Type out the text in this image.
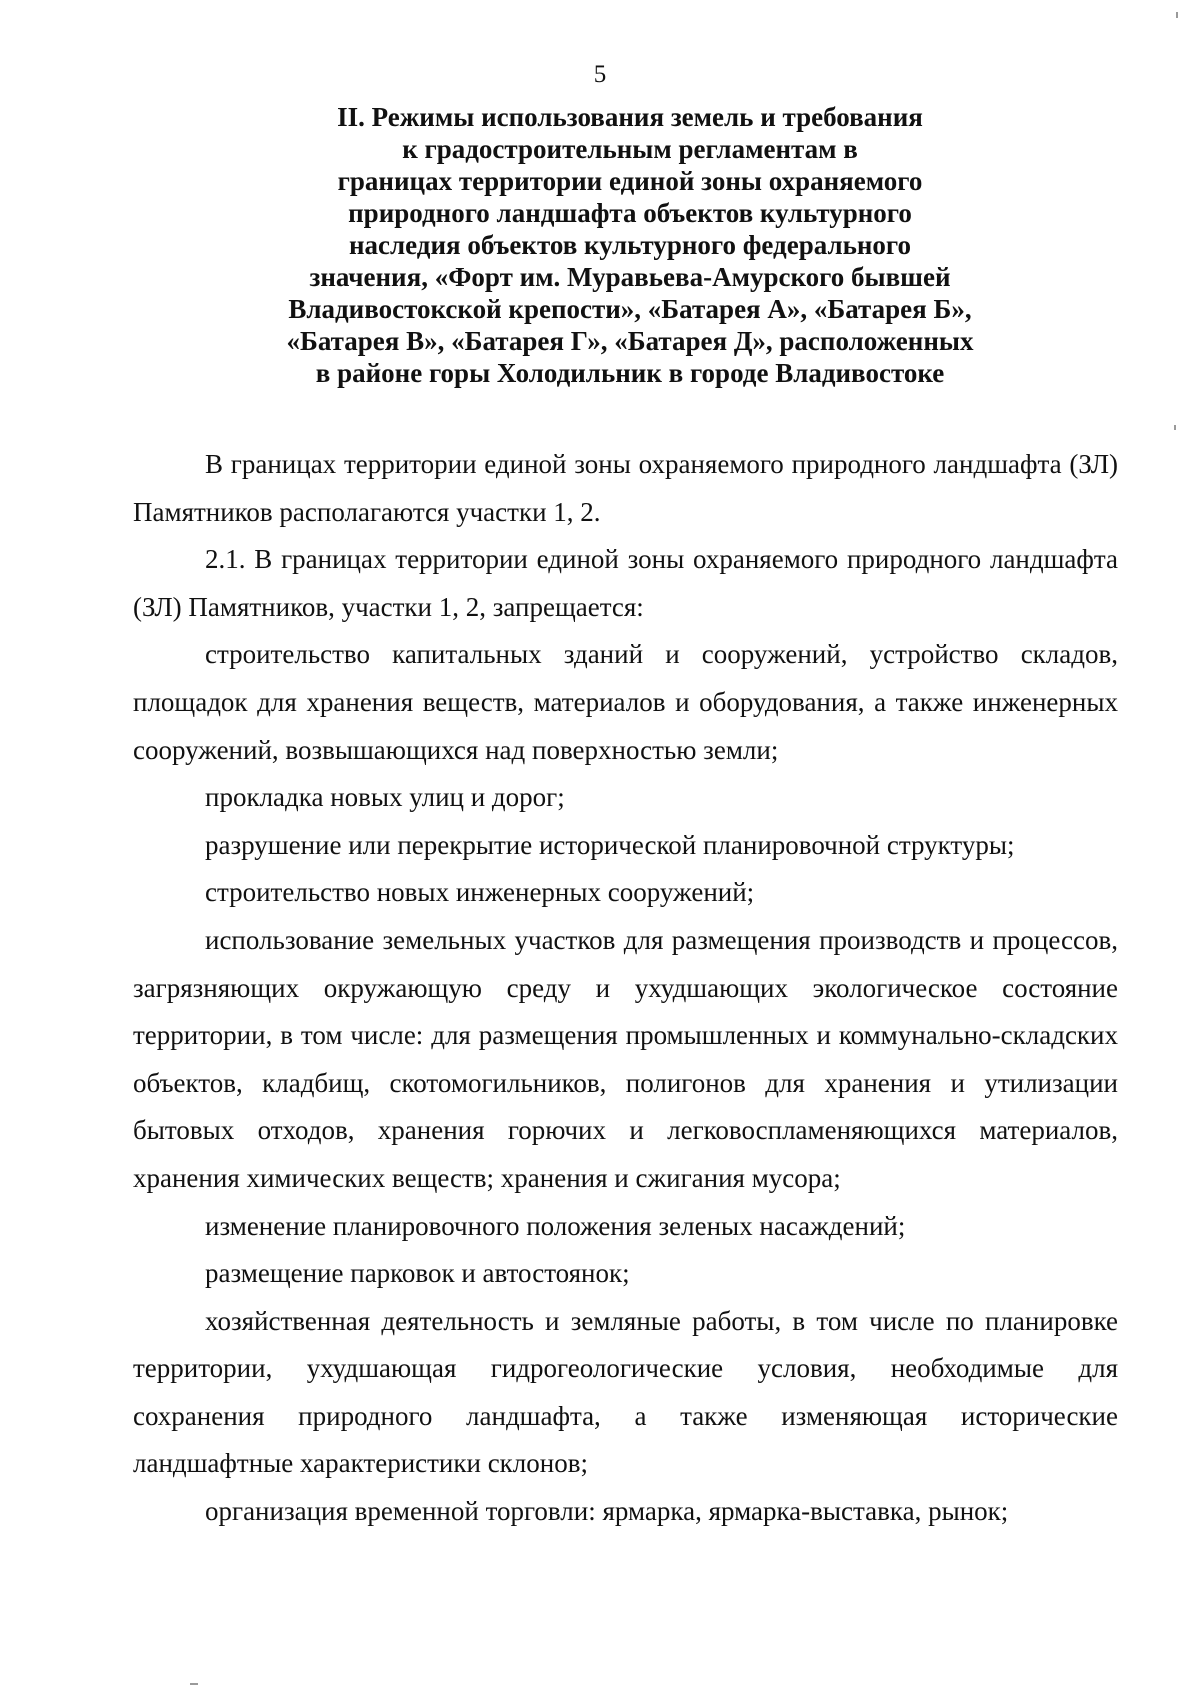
5
II. Режимы использования земель и требования
к градостроительным регламентам в
границах территории единой зоны охраняемого
природного ландшафта объектов культурного
наследия объектов культурного федерального
значения, «Форт им. Муравьева-Амурского бывшей
Владивостокской крепости», «Батарея А», «Батарея Б»,
«Батарея В», «Батарея Г», «Батарея Д», расположенных
в районе горы Холодильник в городе Владивостоке

В границах территории единой зоны охраняемого природного ландшафта (ЗЛ) Памятников располагаются участки 1, 2.

2.1. В границах территории единой зоны охраняемого природного ландшафта (ЗЛ) Памятников, участки 1, 2, запрещается:

строительство капитальных зданий и сооружений, устройство складов, площадок для хранения веществ, материалов и оборудования, а также инженерных сооружений, возвышающихся над поверхностью земли;

прокладка новых улиц и дорог;

разрушение или перекрытие исторической планировочной структуры;

строительство новых инженерных сооружений;

использование земельных участков для размещения производств и процессов, загрязняющих окружающую среду и ухудшающих экологическое состояние территории, в том числе: для размещения промышленных и коммунально-складских объектов, кладбищ, скотомогильников, полигонов для хранения и утилизации бытовых отходов, хранения горючих и легковоспламеняющихся материалов, хранения химических веществ; хранения и сжигания мусора;

изменение планировочного положения зеленых насаждений;

размещение парковок и автостоянок;

хозяйственная деятельность и земляные работы, в том числе по планировке территории, ухудшающая гидрогеологические условия, необходимые для сохранения природного ландшафта, а также изменяющая исторические ландшафтные характеристики склонов;

организация временной торговли: ярмарка, ярмарка-выставка, рынок;
